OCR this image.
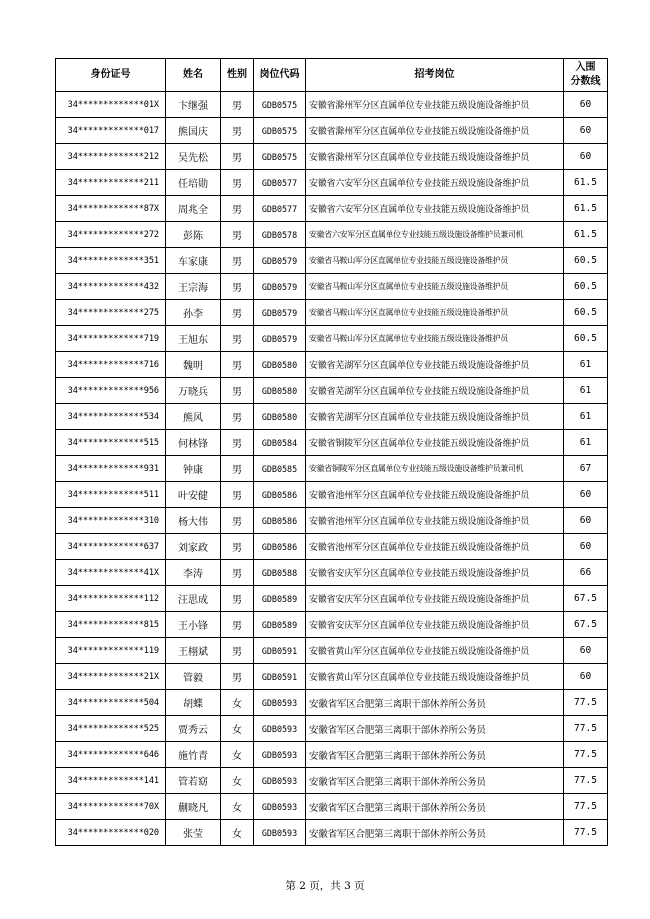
身份证号	姓名	性别	岗位代码	招考岗位	入围
分数线
34*************01X	卞继强	男	GDB0575	安徽省滁州军分区直属单位专业技能五级设施设备维护员	60
34*************017	熊国庆	男	GDB0575	安徽省滁州军分区直属单位专业技能五级设施设备维护员	60
34*************212	吴先松	男	GDB0575	安徽省滁州军分区直属单位专业技能五级设施设备维护员	60
34*************211	任培勋	男	GDB0577	安徽省六安军分区直属单位专业技能五级设施设备维护员	61.5
34*************87X	周兆全	男	GDB0577	安徽省六安军分区直属单位专业技能五级设施设备维护员	61.5
34*************272	彭陈	男	GDB0578	安徽省六安军分区直属单位专业技能五级设施设备维护员兼司机	61.5
34*************351	车家康	男	GDB0579	安徽省马鞍山军分区直属单位专业技能五级设施设备维护员	60.5
34*************432	王宗海	男	GDB0579	安徽省马鞍山军分区直属单位专业技能五级设施设备维护员	60.5
34*************275	孙李	男	GDB0579	安徽省马鞍山军分区直属单位专业技能五级设施设备维护员	60.5
34*************719	王旭东	男	GDB0579	安徽省马鞍山军分区直属单位专业技能五级设施设备维护员	60.5
34*************716	魏明	男	GDB0580	安徽省芜湖军分区直属单位专业技能五级设施设备维护员	61
34*************956	万晓兵	男	GDB0580	安徽省芜湖军分区直属单位专业技能五级设施设备维护员	61
34*************534	熊风	男	GDB0580	安徽省芜湖军分区直属单位专业技能五级设施设备维护员	61
34*************515	何林锋	男	GDB0584	安徽省铜陵军分区直属单位专业技能五级设施设备维护员	61
34*************931	钟康	男	GDB0585	安徽省铜陵军分区直属单位专业技能五级设施设备维护员兼司机	67
34*************511	叶安健	男	GDB0586	安徽省池州军分区直属单位专业技能五级设施设备维护员	60
34*************310	杨大伟	男	GDB0586	安徽省池州军分区直属单位专业技能五级设施设备维护员	60
34*************637	刘家政	男	GDB0586	安徽省池州军分区直属单位专业技能五级设施设备维护员	60
34*************41X	李涛	男	GDB0588	安徽省安庆军分区直属单位专业技能五级设施设备维护员	66
34*************112	汪思成	男	GDB0589	安徽省安庆军分区直属单位专业技能五级设施设备维护员	67.5
34*************815	王小锋	男	GDB0589	安徽省安庆军分区直属单位专业技能五级设施设备维护员	67.5
34*************119	王栩斌	男	GDB0591	安徽省黄山军分区直属单位专业技能五级设施设备维护员	60
34*************21X	管毅	男	GDB0591	安徽省黄山军分区直属单位专业技能五级设施设备维护员	60
34*************504	胡蝶	女	GDB0593	安徽省军区合肥第三离职干部休养所公务员	77.5
34*************525	贾秀云	女	GDB0593	安徽省军区合肥第三离职干部休养所公务员	77.5
34*************646	施竹青	女	GDB0593	安徽省军区合肥第三离职干部休养所公务员	77.5
34*************141	管若窈	女	GDB0593	安徽省军区合肥第三离职干部休养所公务员	77.5
34*************70X	蒯晓凡	女	GDB0593	安徽省军区合肥第三离职干部休养所公务员	77.5
34*************020	张莹	女	GDB0593	安徽省军区合肥第三离职干部休养所公务员	77.5
第 2 页，共 3 页
